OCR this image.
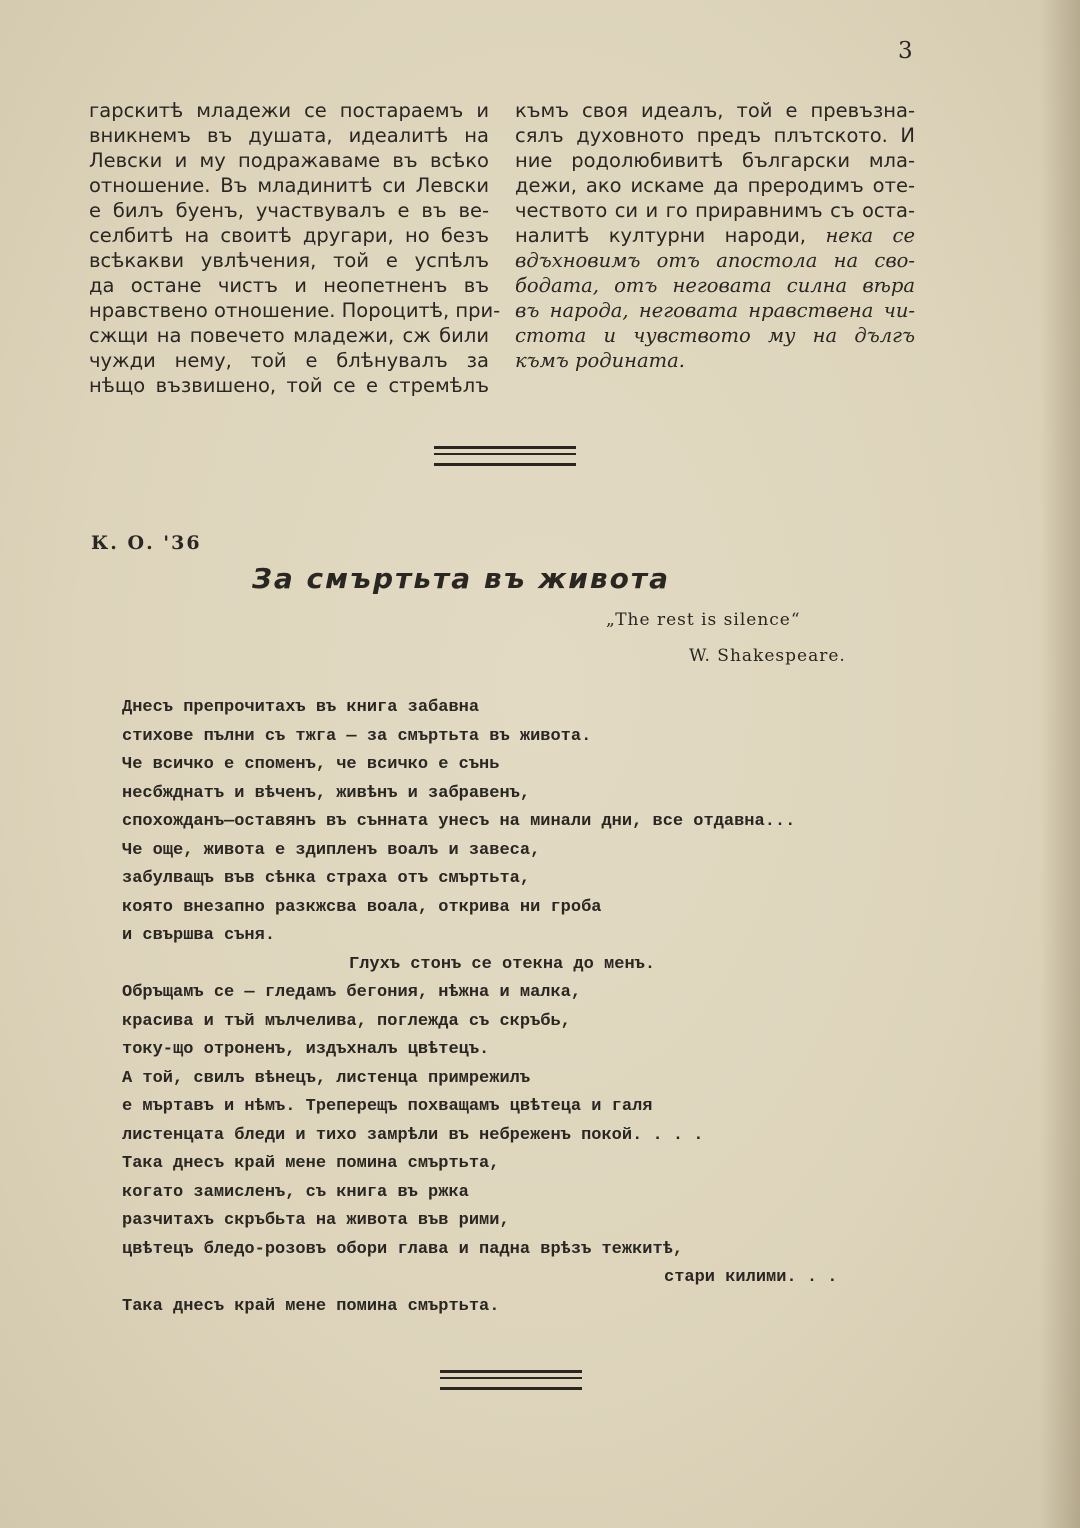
3
гарскитѣ младежи се постараемъ и
вникнемъ въ душата, идеалитѣ на
Левски и му подражаваме въ всѣко
отношение. Въ младинитѣ си Левски
е билъ буенъ, участвувалъ е въ ве-
селбитѣ на своитѣ другари, но безъ
всѣкакви увлѣчения, той е успѣлъ
да остане чистъ и неопетненъ въ
нравствено отношение. Пороцитѣ, при-
сжщи на повечето младежи, сж били
чужди нему, той е блѣнувалъ за
нѣщо възвишено, той се е стремѣлъ
къмъ своя идеалъ, той е превъзна-
сялъ духовното предъ плътското. И
ние родолюбивитѣ български мла-
дежи, ако искаме да преродимъ оте-
чеството си и го приравнимъ съ оста-
налитѣ културни народи, нека се
вдъхновимъ отъ апостола на сво-
бодата, отъ неговата силна вѣра
въ народа, неговата нравствена чи-
стота и чувството му на дългъ
къмъ родината.
К. О. '36
За смъртьта въ живота
„The rest is silence“
W. Shakespeare.
Днесъ препрочитахъ въ книга забавна
стихове пълни съ тжга — за смъртьта въ живота.
Че всичко е споменъ, че всичко е сънь
несбжднатъ и вѣченъ, живѣнъ и забравенъ,
спохожданъ—оставянъ въ сънната унесъ на минали дни, все отдавна...
Че още, живота е здипленъ воалъ и завеса,
забулващъ във сѣнка страха отъ смъртьта,
която внезапно разкжсва воала, открива ни гроба
и свършва съня.
Глухъ стонъ се отекна до менъ.
Обръщамъ се — гледамъ бегония, нѣжна и малка,
красива и тъй мълчелива, поглежда съ скръбь,
току-що отроненъ, издъхналъ цвѣтецъ.
А той, свилъ вѣнецъ, листенца примрежилъ
е мъртавъ и нѣмъ. Треперещъ похващамъ цвѣтеца и галя
листенцата бледи и тихо замрѣли въ небреженъ покой. . . .
Така днесъ край мене помина смъртьта,
когато замисленъ, съ книга въ ржка
разчитахъ скръбьта на живота във рими,
цвѣтецъ бледо-розовъ обори глава и падна врѣзъ тежкитѣ,
стари килими. . .
Така днесъ край мене помина смъртьта.
